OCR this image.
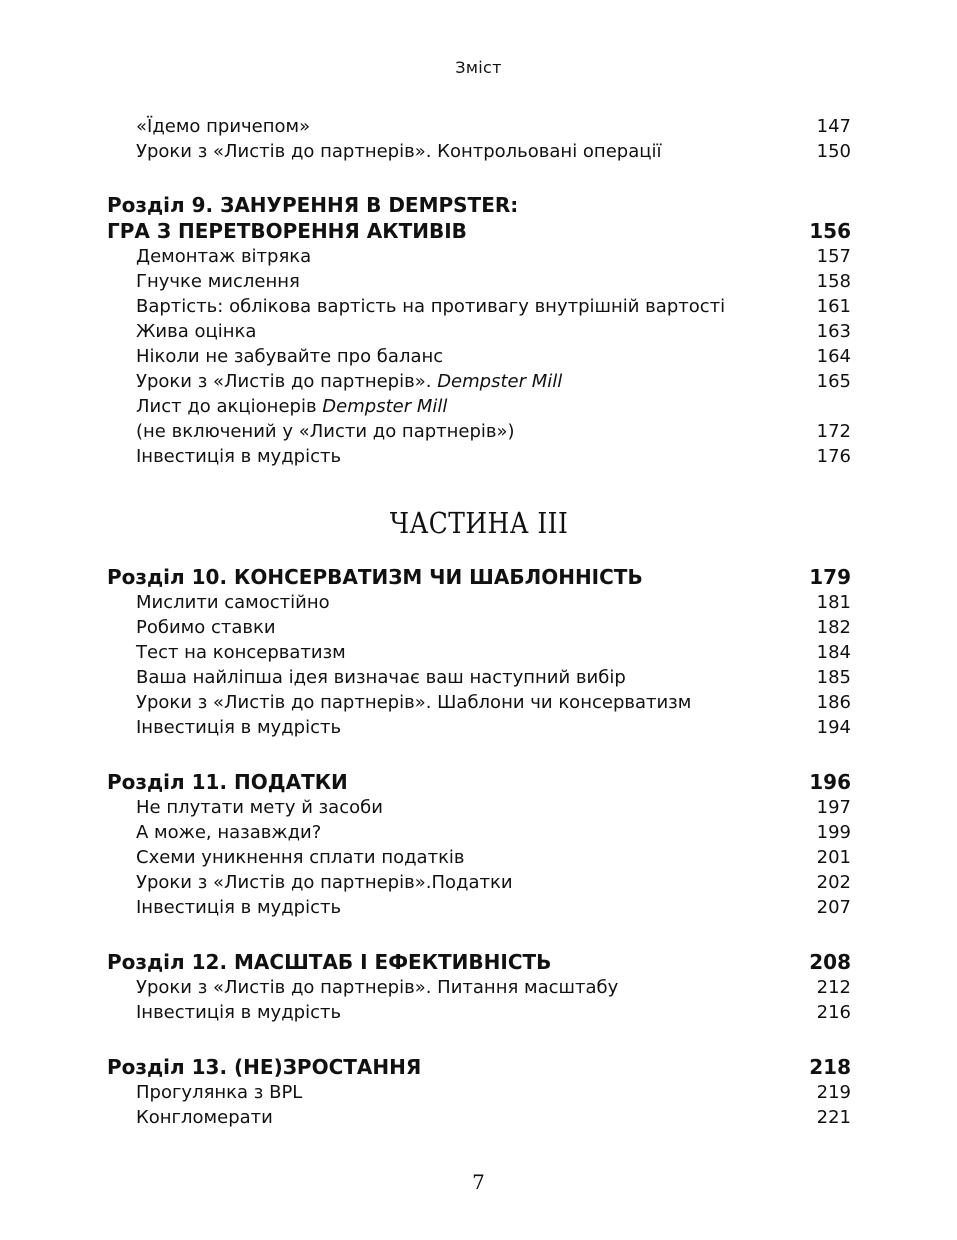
Зміст
«Їдемо причепом»	147
Уроки з «Листів до партнерів». Контрольовані операції	150
Розділ 9. ЗАНУРЕННЯ В DEMPSTER:
ГРА З ПЕРЕТВОРЕННЯ АКТИВІВ	156
Демонтаж вітряка	157
Гнучке мислення	158
Вартість: облікова вартість на противагу внутрішній вартості	161
Жива оцінка	163
Ніколи не забувайте про баланс	164
Уроки з «Листів до партнерів». Dempster Mill	165
Лист до акціонерів Dempster Mill
(не включений у «Листи до партнерів»)	172
Інвестиція в мудрість	176
ЧАСТИНА III
Розділ 10. КОНСЕРВАТИЗМ ЧИ ШАБЛОННІСТЬ	179
Мислити самостійно	181
Робимо ставки	182
Тест на консерватизм	184
Ваша найліпша ідея визначає ваш наступний вибір	185
Уроки з «Листів до партнерів». Шаблони чи консерватизм	186
Інвестиція в мудрість	194
Розділ 11. ПОДАТКИ	196
Не плутати мету й засоби	197
А може, назавжди?	199
Схеми уникнення сплати податків	201
Уроки з «Листів до партнерів».Податки	202
Інвестиція в мудрість	207
Розділ 12. МАСШТАБ І ЕФЕКТИВНІСТЬ	208
Уроки з «Листів до партнерів». Питання масштабу	212
Інвестиція в мудрість	216
Розділ 13. (НЕ)ЗРОСТАННЯ	218
Прогулянка з BPL	219
Конгломерати	221
7
